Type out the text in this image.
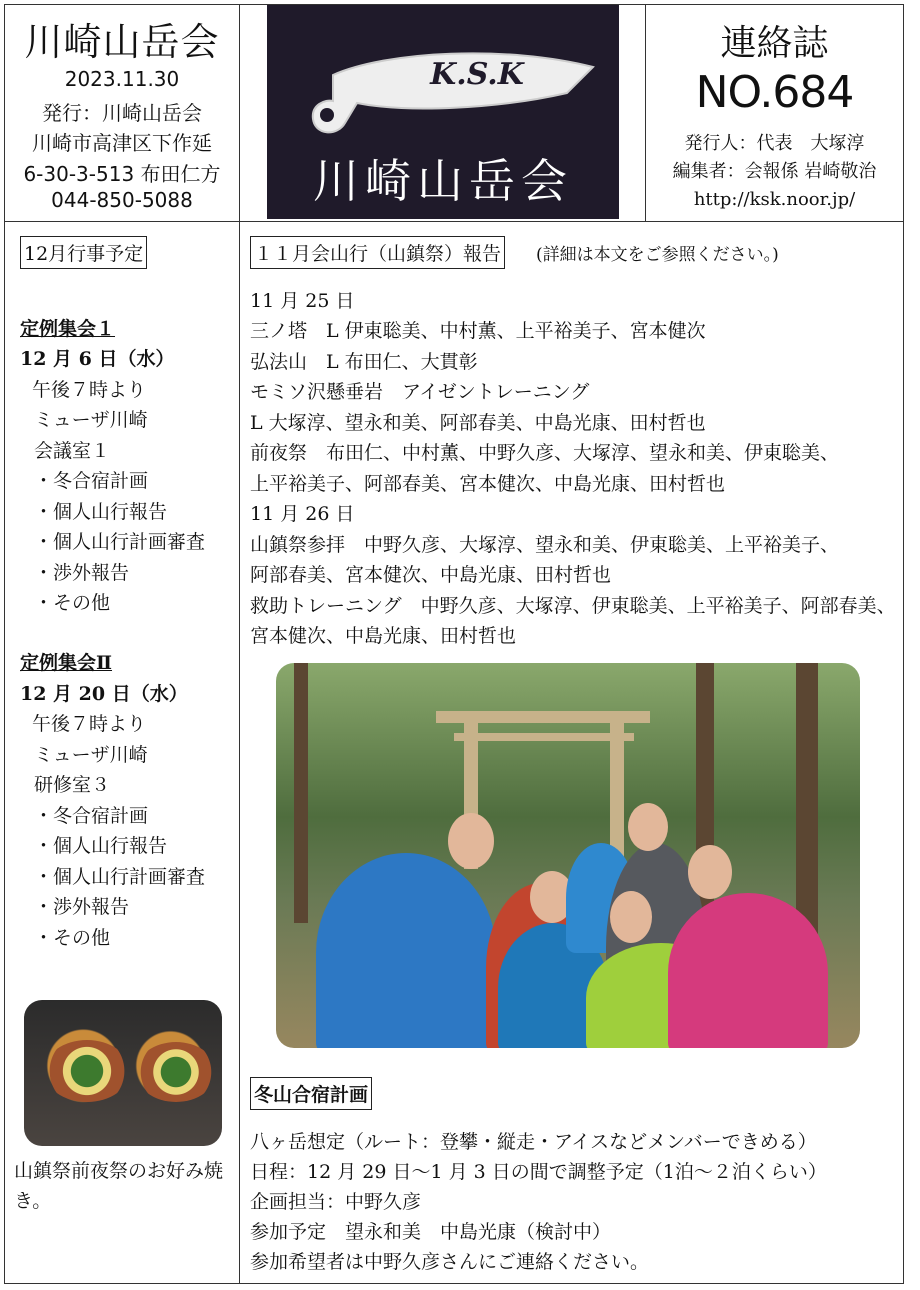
川崎山岳会
2023.11.30
発行：川崎山岳会
川崎市高津区下作延
6-30-3-513 布田仁方
044-850-5088
K.S.K
川崎山岳会
連絡誌
NO.684
発行人：代表　大塚淳
編集者：会報係 岩崎敬治
http://ksk.noor.jp/
12月行事予定
定例集会１
12 月 6 日（水）
午後７時より
ミューザ川崎
会議室１
・冬合宿計画
・個人山行報告
・個人山行計画審査
・渉外報告
・その他
定例集会Ⅱ
12 月 20 日（水）
午後７時より
ミューザ川崎
研修室３
・冬合宿計画
・個人山行報告
・個人山行計画審査
・渉外報告
・その他
山鎮祭前夜祭のお好み焼き。
１１月会山行（山鎮祭）報告 (詳細は本文をご参照ください。)
11 月 25 日
三ノ塔　L 伊東聡美、中村薫、上平裕美子、宮本健次
弘法山　L 布田仁、大貫彰
モミソ沢懸垂岩　アイゼントレーニング
L 大塚淳、望永和美、阿部春美、中島光康、田村哲也
前夜祭　布田仁、中村薫、中野久彦、大塚淳、望永和美、伊東聡美、
上平裕美子、阿部春美、宮本健次、中島光康、田村哲也
11 月 26 日
山鎮祭参拝　中野久彦、大塚淳、望永和美、伊東聡美、上平裕美子、
阿部春美、宮本健次、中島光康、田村哲也
救助トレーニング　中野久彦、大塚淳、伊東聡美、上平裕美子、阿部春美、
宮本健次、中島光康、田村哲也
冬山合宿計画
八ヶ岳想定（ルート：登攀・縦走・アイスなどメンバーできめる）
日程：12 月 29 日〜1 月 3 日の間で調整予定（1泊〜２泊くらい）
企画担当：中野久彦
参加予定　望永和美　中島光康（検討中）
参加希望者は中野久彦さんにご連絡ください。
